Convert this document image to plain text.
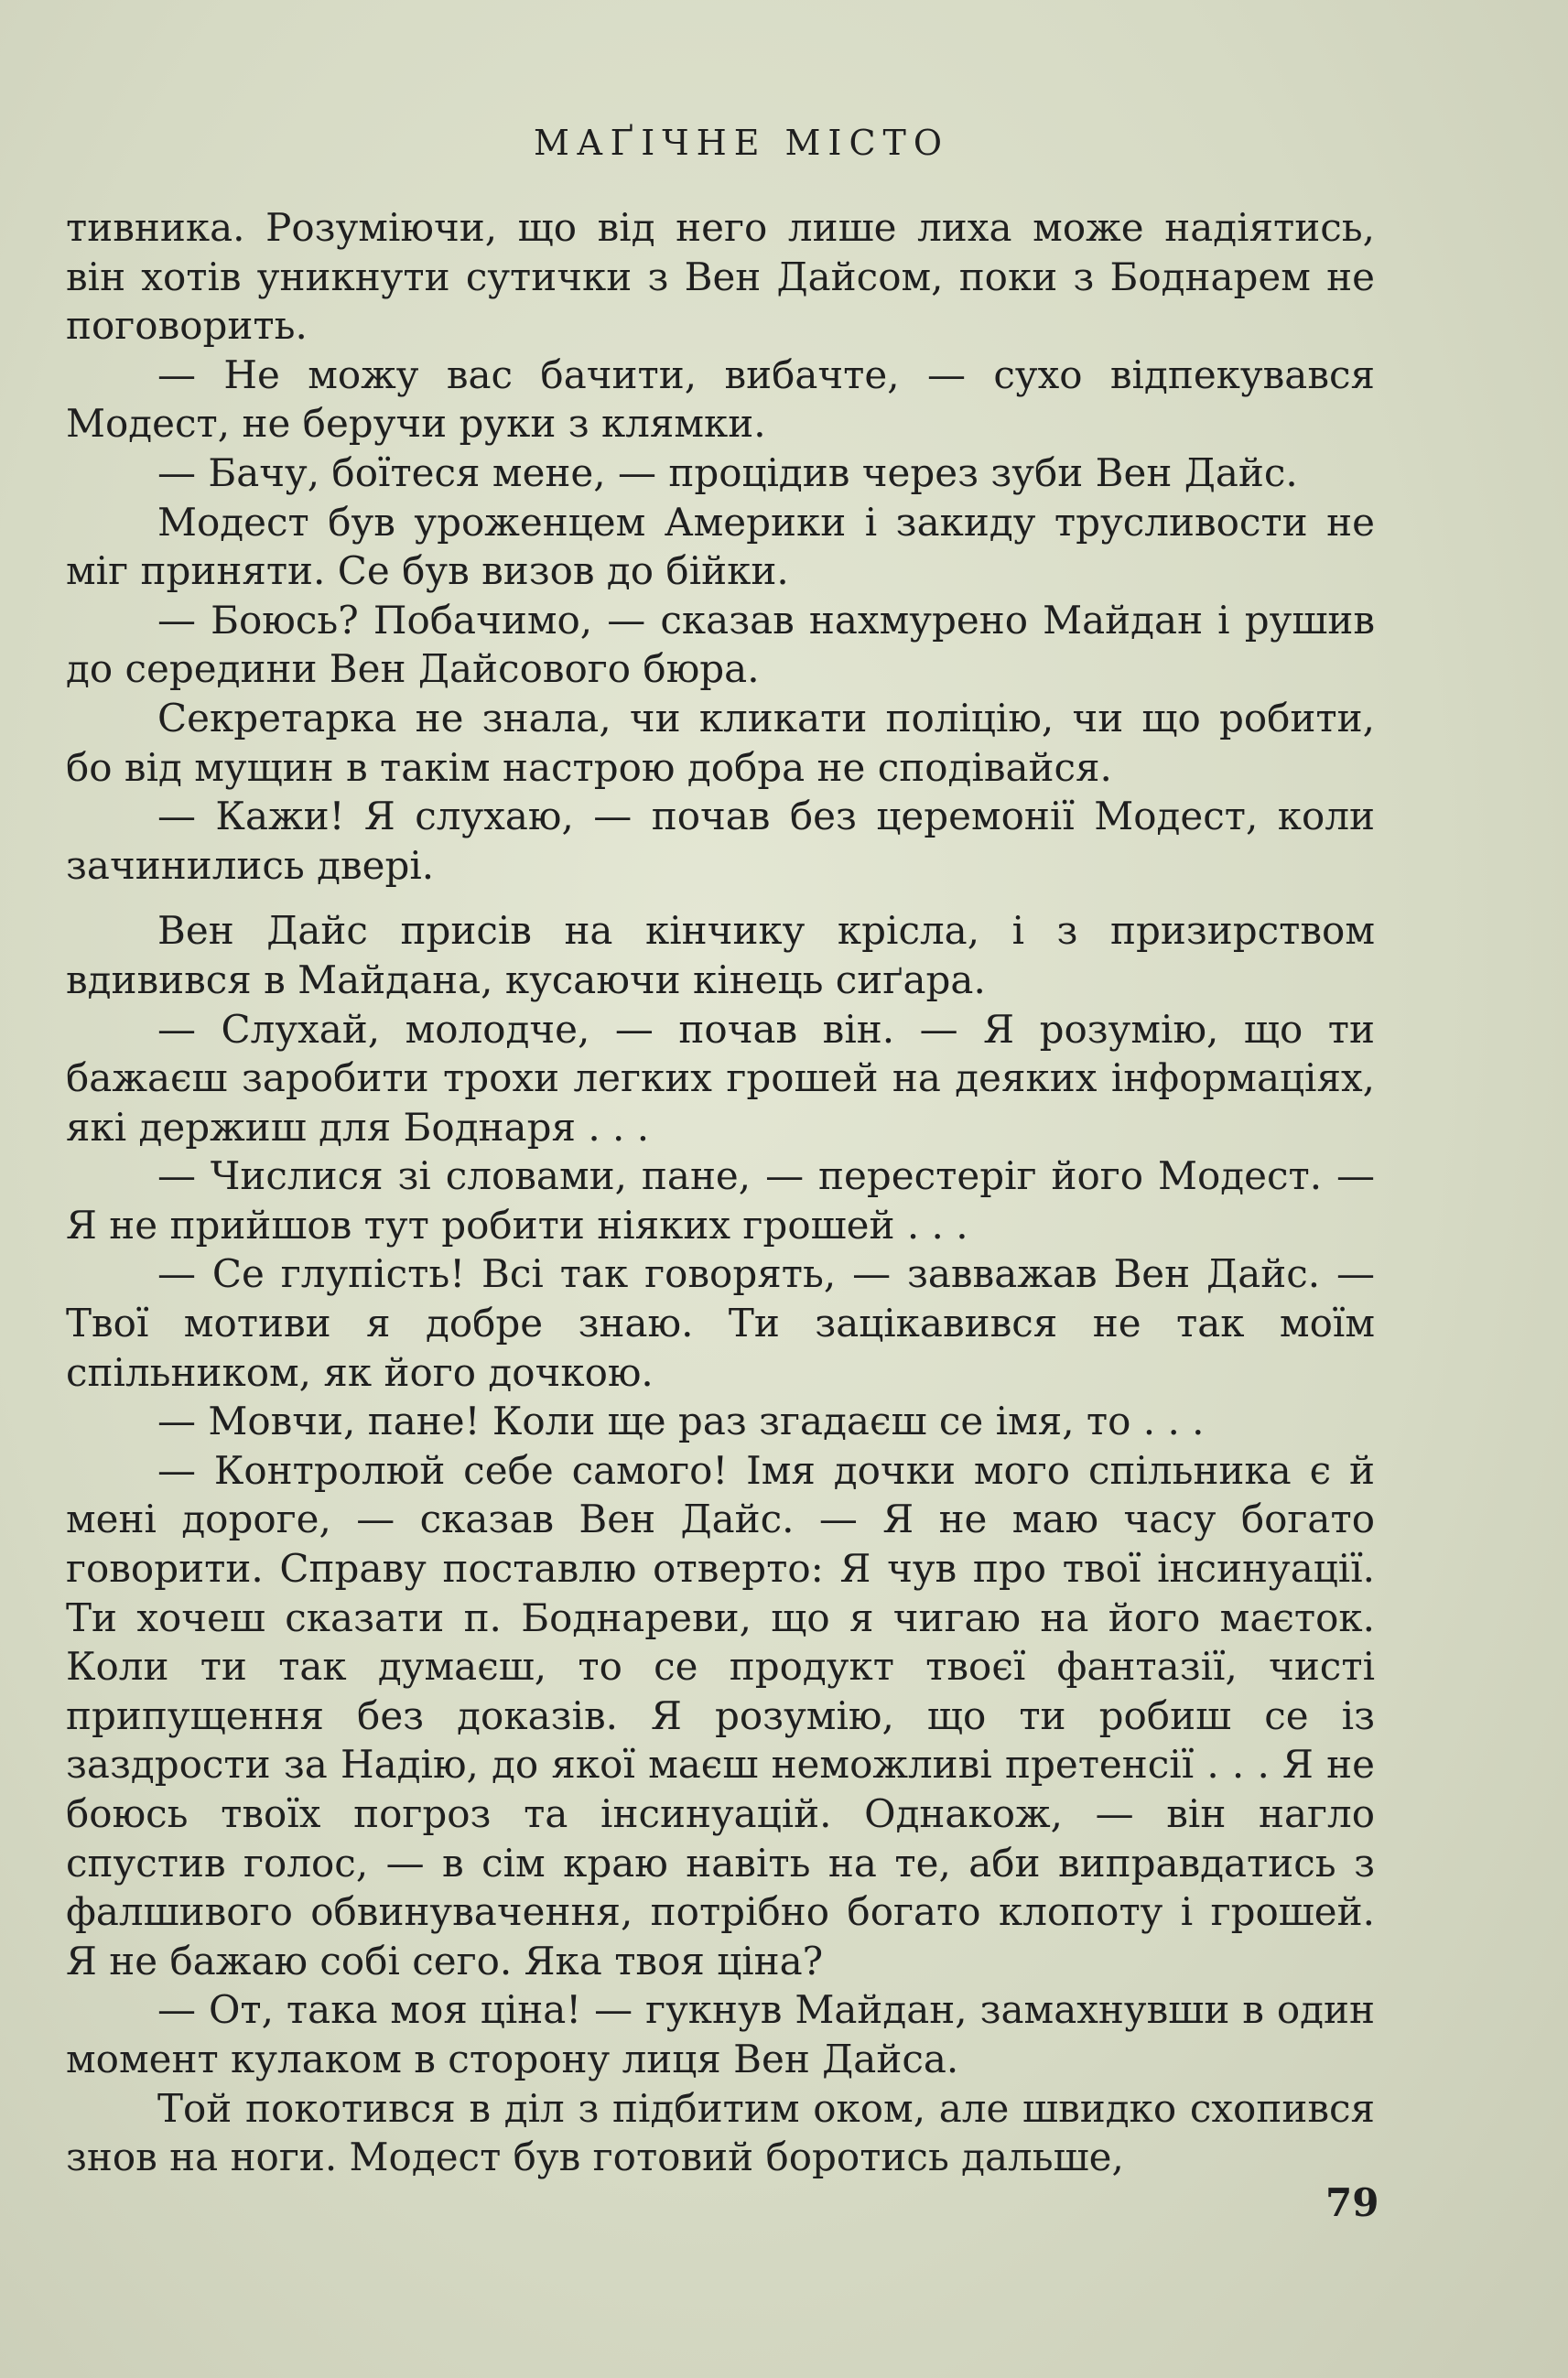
МАҐІЧНЕ МІСТО

тивника. Розуміючи, що від него лише лиха може надіятись, він хотів уникнути сутички з Вен Дайсом, поки з Боднарем не поговорить.

— Не можу вас бачити, вибачте, — сухо відпекувався Модест, не беручи руки з клямки.

— Бачу, боїтеся мене, — процідив через зуби Вен Дайс.

Модест був уроженцем Америки і закиду трусливости не міг приняти. Се був визов до бійки.

— Боюсь? Побачимо, — сказав нахмурено Майдан і рушив до середини Вен Дайсового бюра.

Секретарка не знала, чи кликати поліцію, чи що робити, бо від мущин в такім настрою добра не сподівайся.

— Кажи! Я слухаю, — почав без церемонії Модест, коли зачинились двері.

Вен Дайс присів на кінчику крісла, і з призирством вдивився в Майдана, кусаючи кінець сиґара.

— Слухай, молодче, — почав він. — Я розумію, що ти бажаєш заробити трохи легких грошей на деяких інформаціях, які держиш для Боднаря . . .

— Числися зі словами, пане, — перестеріг його Модест. — Я не прийшов тут робити ніяких грошей . . .

— Се глупість! Всі так говорять, — завважав Вен Дайс. — Твої мотиви я добре знаю. Ти зацікавився не так моїм спільником, як його дочкою.

— Мовчи, пане! Коли ще раз згадаєш се імя, то . . .

— Контролюй себе самого! Імя дочки мого спільника є й мені дороге, — сказав Вен Дайс. — Я не маю часу богато говорити. Справу поставлю отверто: Я чув про твої інсинуації. Ти хочеш сказати п. Боднареви, що я чигаю на його маєток. Коли ти так думаєш, то се продукт твоєї фантазії, чисті припущення без доказів. Я розумію, що ти робиш се із заздрости за Надію, до якої маєш неможливі претенсії . . . Я не боюсь твоїх погроз та інсинуацій. Однакож, — він нагло спустив голос, — в сім краю навіть на те, аби виправдатись з фалшивого обвинувачення, потрібно богато клопоту і грошей. Я не бажаю собі сего. Яка твоя ціна?

— От, така моя ціна! — гукнув Майдан, замахнувши в один момент кулаком в сторону лиця Вен Дайса.

Той покотився в діл з підбитим оком, але швидко схопився знов на ноги. Модест був готовий боротись дальше,

79
